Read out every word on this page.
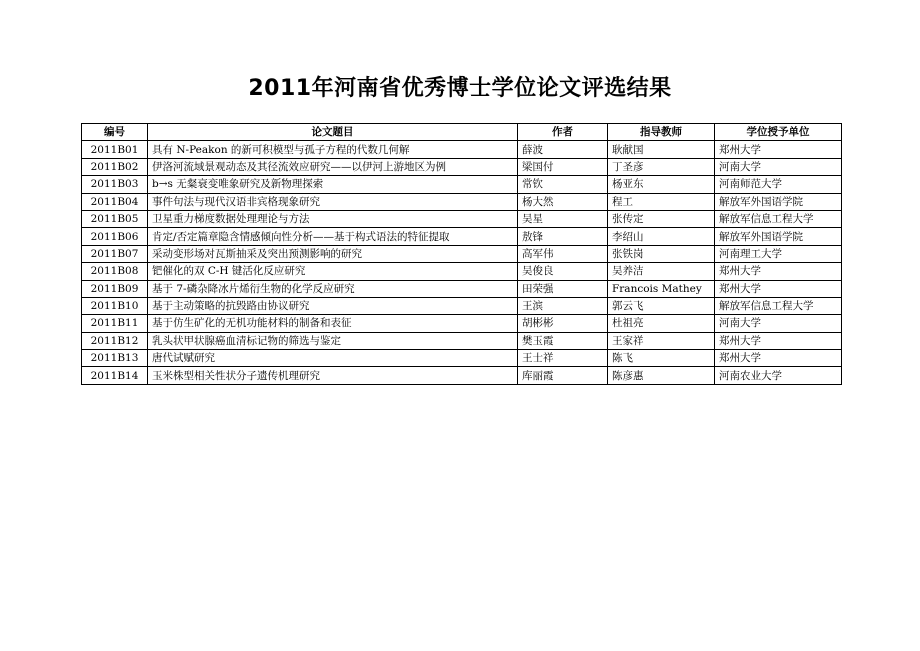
2011年河南省优秀博士学位论文评选结果
编号	论文题目	作者	指导教师	学位授予单位
2011B01	具有 N-Peakon 的新可积模型与孤子方程的代数几何解	薛波	耿献国	郑州大学
2011B02	伊洛河流域景观动态及其径流效应研究——以伊河上游地区为例	梁国付	丁圣彦	河南大学
2011B03	b→s 无粲衰变唯象研究及新物理探索	常钦	杨亚东	河南师范大学
2011B04	事件句法与现代汉语非宾格现象研究	杨大然	程工	解放军外国语学院
2011B05	卫星重力梯度数据处理理论与方法	吴星	张传定	解放军信息工程大学
2011B06	肯定/否定篇章隐含情感倾向性分析——基于构式语法的特征提取	敖锋	李绍山	解放军外国语学院
2011B07	采动变形场对瓦斯抽采及突出预测影响的研究	高军伟	张铁岗	河南理工大学
2011B08	钯催化的双 C-H 键活化反应研究	吴俊良	吴养洁	郑州大学
2011B09	基于 7-磷杂降冰片烯衍生物的化学反应研究	田荣强	Francois Mathey	郑州大学
2011B10	基于主动策略的抗毁路由协议研究	王滨	郭云飞	解放军信息工程大学
2011B11	基于仿生矿化的无机功能材料的制备和表征	胡彬彬	杜祖亮	河南大学
2011B12	乳头状甲状腺癌血清标记物的筛选与鉴定	樊玉霞	王家祥	郑州大学
2011B13	唐代试赋研究	王士祥	陈飞	郑州大学
2011B14	玉米株型相关性状分子遗传机理研究	库丽霞	陈彦惠	河南农业大学
